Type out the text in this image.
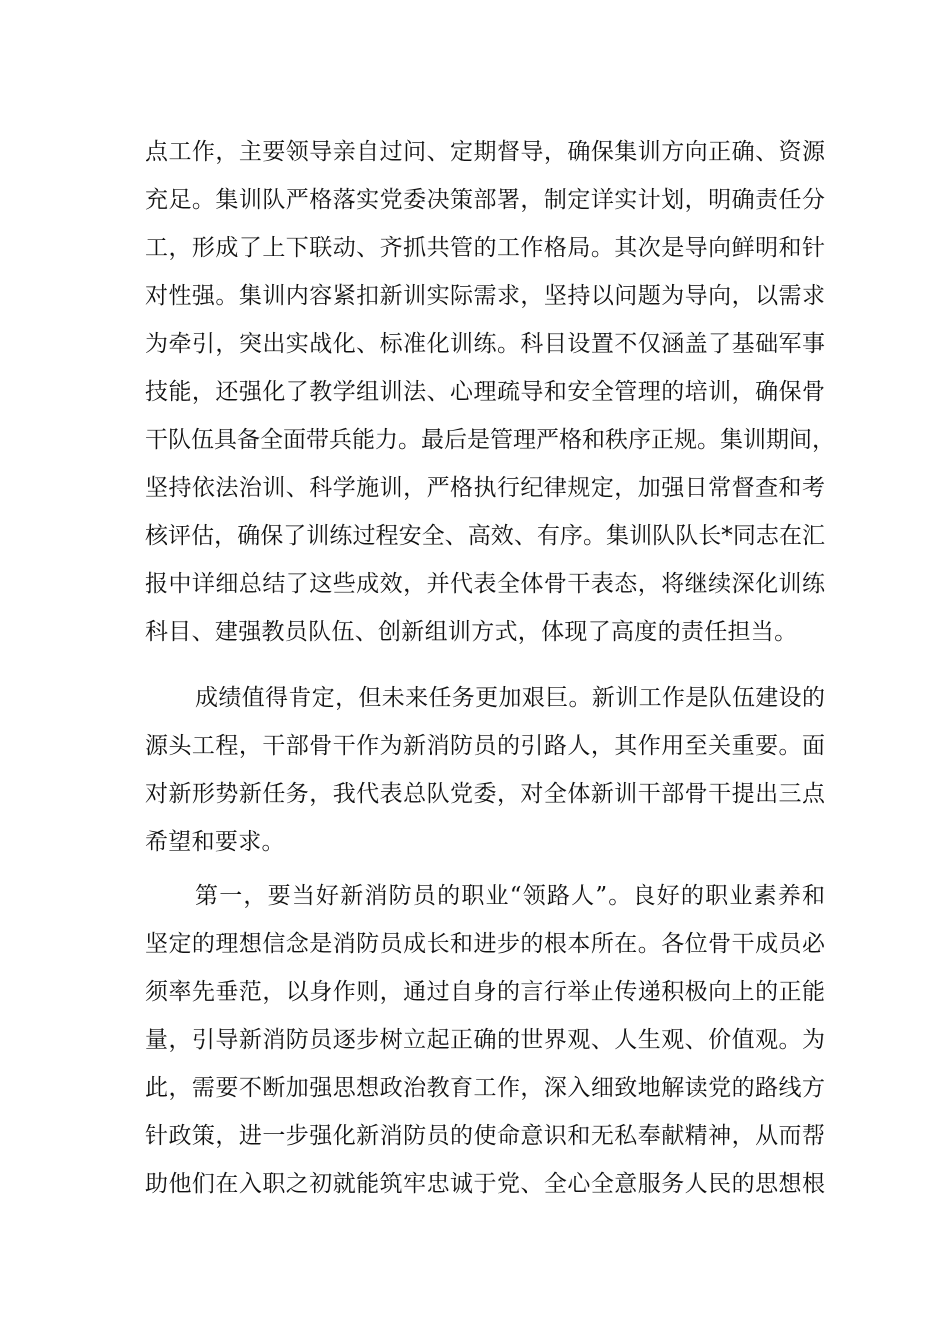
点工作，主要领导亲自过问、定期督导，确保集训方向正确、资源
充足。集训队严格落实党委决策部署，制定详实计划，明确责任分
工，形成了上下联动、齐抓共管的工作格局。其次是导向鲜明和针
对性强。集训内容紧扣新训实际需求，坚持以问题为导向，以需求
为牵引，突出实战化、标准化训练。科目设置不仅涵盖了基础军事
技能，还强化了教学组训法、心理疏导和安全管理的培训，确保骨
干队伍具备全面带兵能力。最后是管理严格和秩序正规。集训期间，
坚持依法治训、科学施训，严格执行纪律规定，加强日常督查和考
核评估，确保了训练过程安全、高效、有序。集训队队长*同志在汇
报中详细总结了这些成效，并代表全体骨干表态，将继续深化训练
科目、建强教员队伍、创新组训方式，体现了高度的责任担当。
成绩值得肯定，但未来任务更加艰巨。新训工作是队伍建设的
源头工程，干部骨干作为新消防员的引路人，其作用至关重要。面
对新形势新任务，我代表总队党委，对全体新训干部骨干提出三点
希望和要求。
第一，要当好新消防员的职业“领路人”。良好的职业素养和
坚定的理想信念是消防员成长和进步的根本所在。各位骨干成员必
须率先垂范，以身作则，通过自身的言行举止传递积极向上的正能
量，引导新消防员逐步树立起正确的世界观、人生观、价值观。为
此，需要不断加强思想政治教育工作，深入细致地解读党的路线方
针政策，进一步强化新消防员的使命意识和无私奉献精神，从而帮
助他们在入职之初就能筑牢忠诚于党、全心全意服务人民的思想根
